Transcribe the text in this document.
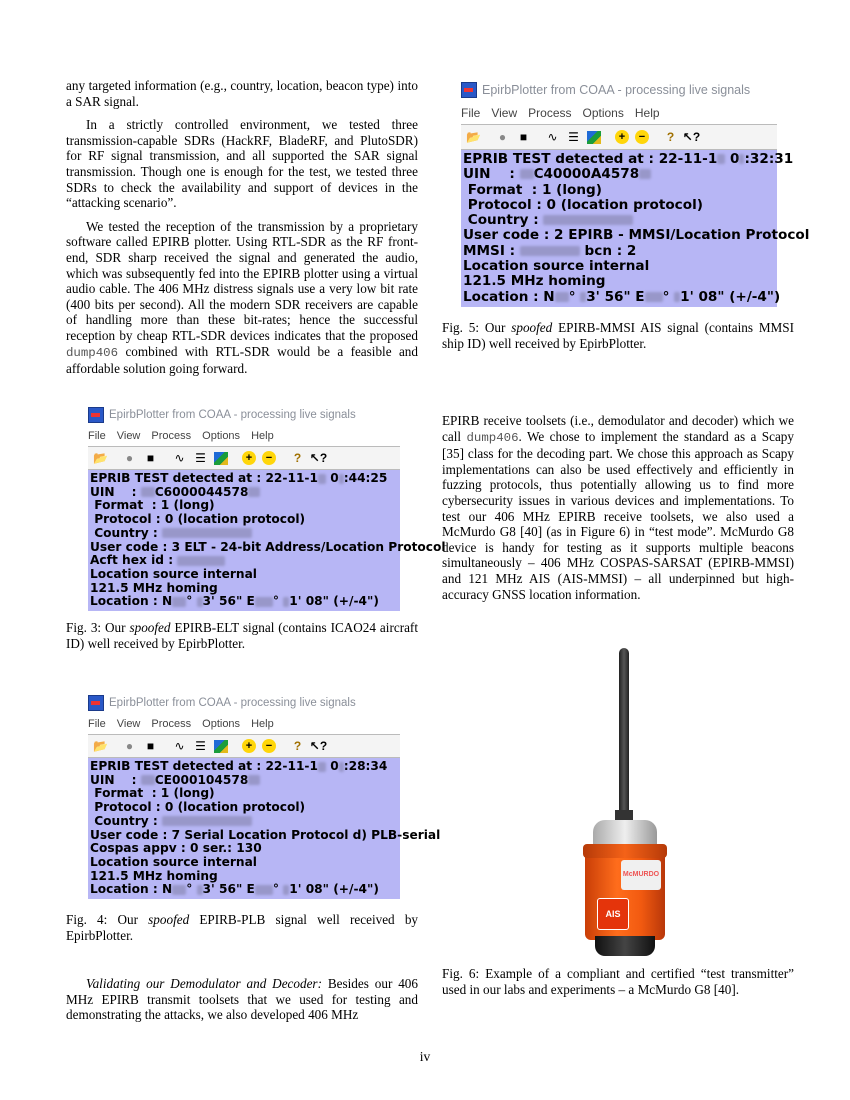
any targeted information (e.g., country, location, beacon type) into a SAR signal.

In a strictly controlled environment, we tested three transmission-capable SDRs (HackRF, BladeRF, and PlutoSDR) for RF signal transmission, and all supported the SAR signal transmission. Though one is enough for the test, we tested three SDRs to check the availability and support of devices in the “attacking scenario”.

We tested the reception of the transmission by a proprietary software called EPIRB plotter. Using RTL-SDR as the RF front-end, SDR sharp received the signal and generated the audio, which was subsequently fed into the EPIRB plotter using a virtual audio cable. The 406 MHz distress signals use a very low bit rate (400 bits per second). All the modern SDR receivers are capable of handling more than these bit-rates; hence the successful reception by cheap RTL-SDR devices indicates that the proposed dump406 combined with RTL-SDR would be a feasible and affordable solution going forward.

EpirbPlotter from COAA - processing live signals
File View Process Options Help
📂	●	■	∿ ☰	+	−	? ↖?
EPRIB TEST detected at : 22-11-1 0 :44:25
UIN    : C6000044578
Format  : 1 (long)
Protocol : 0 (location protocol)
Country :
User code : 3 ELT - 24-bit Address/Location Protocol
Acft hex id :
Location source internal
121.5 MHz homing
Location : N ° 3' 56" E ° 1' 08" (+/-4")
Fig. 3: Our spoofed EPIRB-ELT signal (contains ICAO24 aircraft ID) well received by EpirbPlotter.
EpirbPlotter from COAA - processing live signals
File View Process Options Help
📂	●	■	∿ ☰	+	−	? ↖?
EPRIB TEST detected at : 22-11-1 0 :28:34
UIN    : CE000104578
Format  : 1 (long)
Protocol : 0 (location protocol)
Country :
User code : 7 Serial Location Protocol d) PLB-serial
Cospas appv : 0 ser.: 130
Location source internal
121.5 MHz homing
Location : N ° 3' 56" E ° 1' 08" (+/-4")
Fig. 4: Our spoofed EPIRB-PLB signal well received by EpirbPlotter.

Validating our Demodulator and Decoder: Besides our 406 MHz EPIRB transmit toolsets that we used for testing and demonstrating the attacks, we also developed 406 MHz

EpirbPlotter from COAA - processing live signals
File View Process Options Help
📂	●	■	∿ ☰	+	−	? ↖?
EPRIB TEST detected at : 22-11-1 0 :32:31
UIN    : C40000A4578
Format  : 1 (long)
Protocol : 0 (location protocol)
Country :
User code : 2 EPIRB - MMSI/Location Protocol
MMSI :	bcn : 2
Location source internal
121.5 MHz homing
Location : N ° 3' 56" E ° 1' 08" (+/-4")
Fig. 5: Our spoofed EPIRB-MMSI AIS signal (contains MMSI ship ID) well received by EpirbPlotter.

EPIRB receive toolsets (i.e., demodulator and decoder) which we call dump406. We chose to implement the standard as a Scapy [35] class for the decoding part. We chose this approach as Scapy implementations can also be used effectively and efficiently in fuzzing protocols, thus potentially allowing us to find more cybersecurity issues in various devices and implementations. To test our 406 MHz EPIRB receive toolsets, we also used a McMurdo G8 [40] (as in Figure 6) in “test mode”. McMurdo G8 device is handy for testing as it supports multiple beacons simultaneously – 406 MHz COSPAS-SARSAT (EPIRB-MMSI) and 121 MHz AIS (AIS-MMSI) – all underpinned but high-accuracy GNSS location information.

McMURDO
AIS
Fig. 6: Example of a compliant and certified “test transmitter” used in our labs and experiments – a McMurdo G8 [40].
iv
